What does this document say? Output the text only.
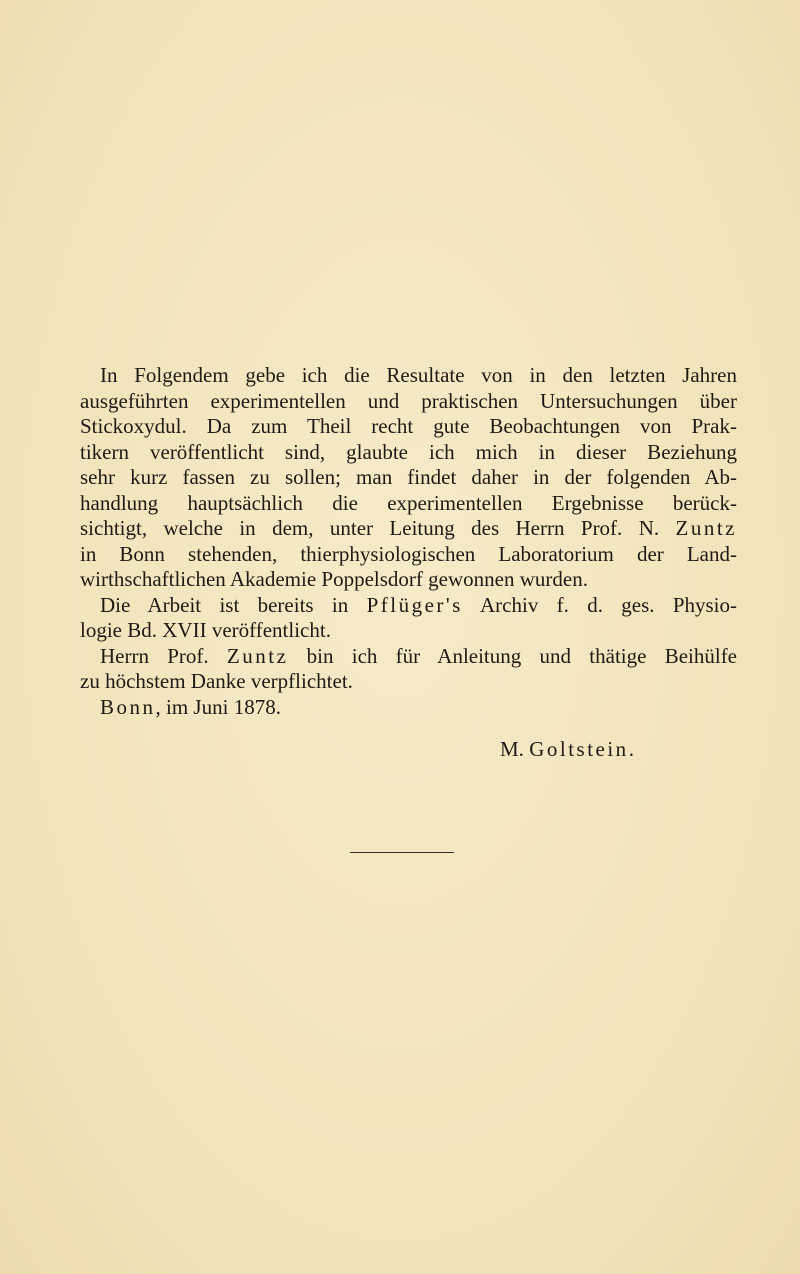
In Folgendem gebe ich die Resultate von in den letzten Jahren
ausgeführten experimentellen und praktischen Untersuchungen über
Stickoxydul. Da zum Theil recht gute Beobachtungen von Prak-
tikern veröffentlicht sind, glaubte ich mich in dieser Beziehung
sehr kurz fassen zu sollen; man findet daher in der folgenden Ab-
handlung hauptsächlich die experimentellen Ergebnisse berück-
sichtigt, welche in dem, unter Leitung des Herrn Prof. N. Zuntz
in Bonn stehenden, thierphysiologischen Laboratorium der Land-
wirthschaftlichen Akademie Poppelsdorf gewonnen wurden.
Die Arbeit ist bereits in Pflüger's Archiv f. d. ges. Physio-
logie Bd. XVII veröffentlicht.
Herrn Prof. Zuntz bin ich für Anleitung und thätige Beihülfe
zu höchstem Danke verpflichtet.
Bonn, im Juni 1878.
M. Goltstein.
